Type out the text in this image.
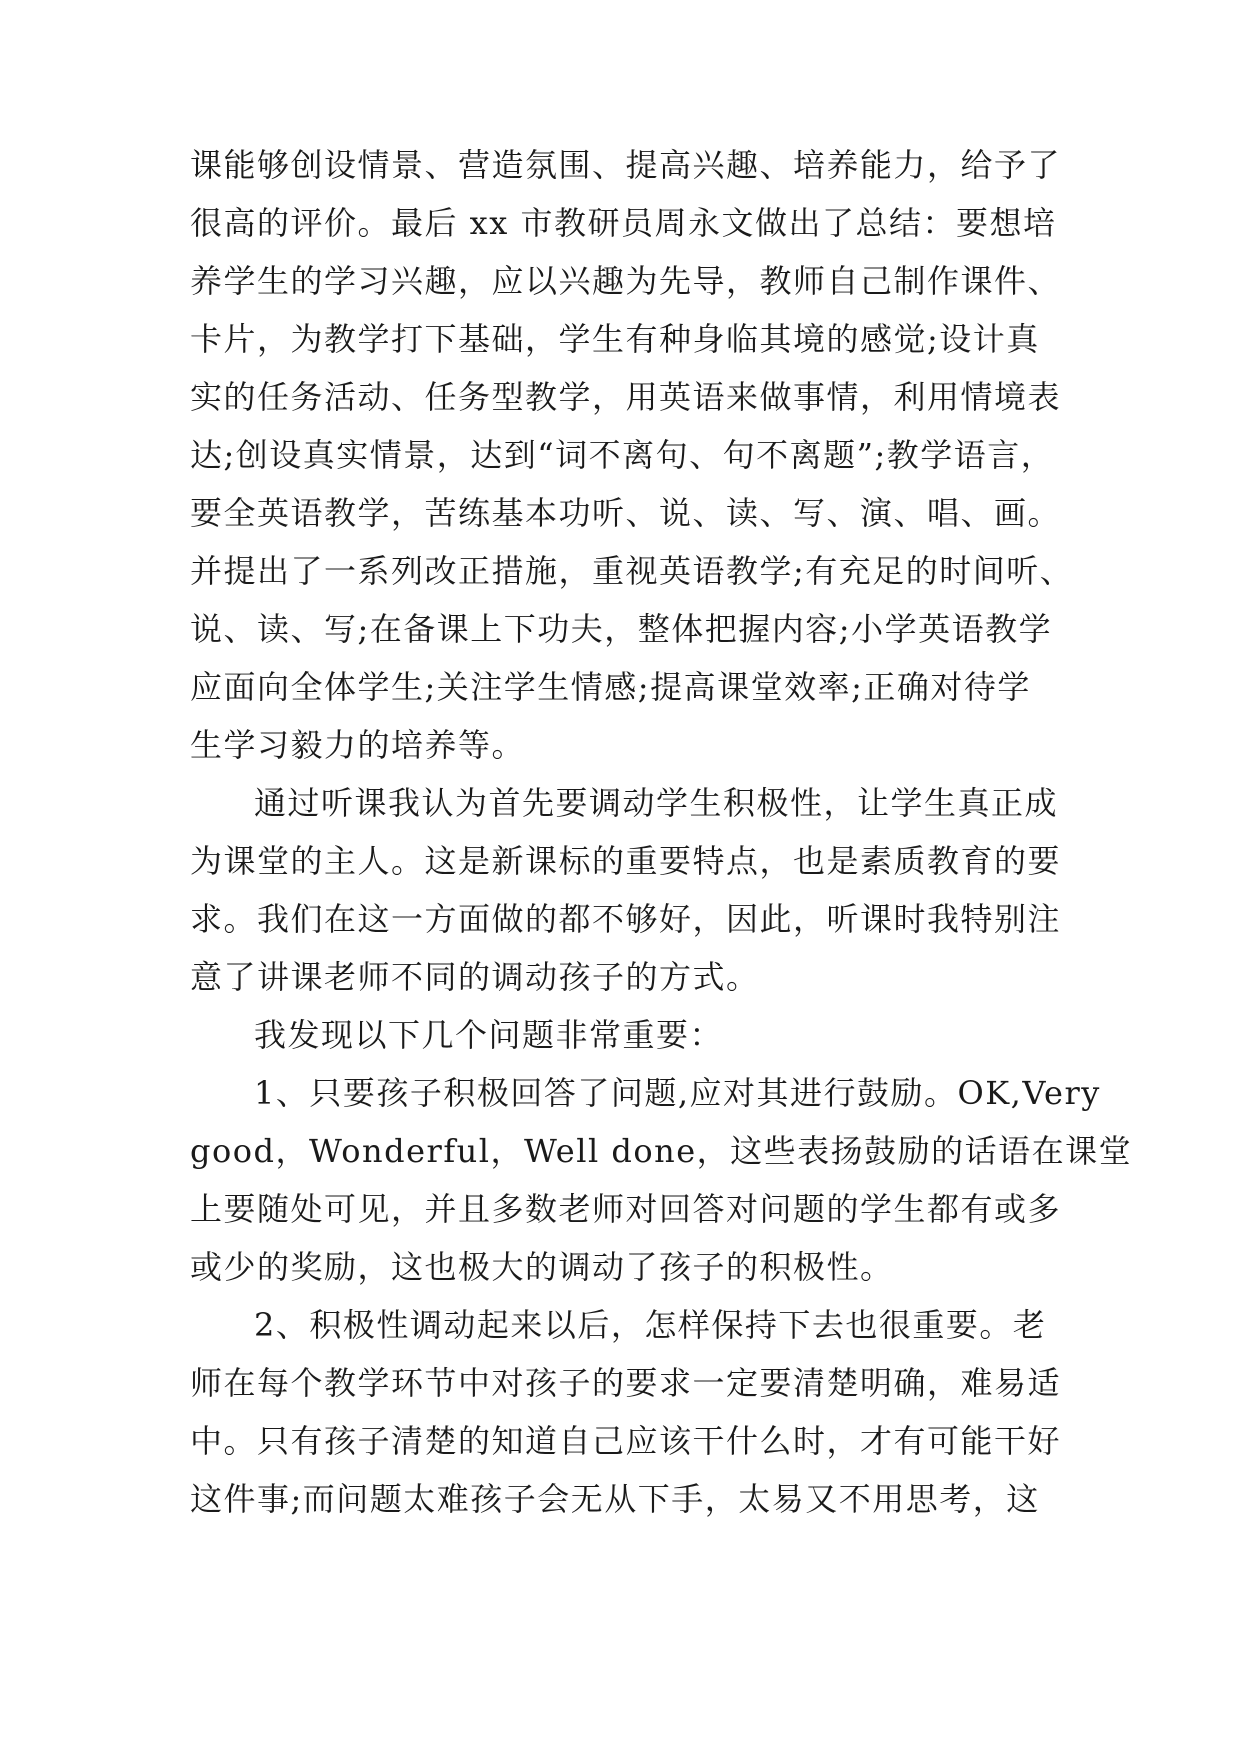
课能够创设情景、营造氛围、提高兴趣、培养能力，给予了
很高的评价。最后 xx 市教研员周永文做出了总结：要想培
养学生的学习兴趣，应以兴趣为先导，教师自己制作课件、
卡片，为教学打下基础，学生有种身临其境的感觉;设计真
实的任务活动、任务型教学，用英语来做事情，利用情境表
达;创设真实情景，达到“词不离句、句不离题”;教学语言，
要全英语教学，苦练基本功听、说、读、写、演、唱、画。
并提出了一系列改正措施，重视英语教学;有充足的时间听、
说、读、写;在备课上下功夫，整体把握内容;小学英语教学
应面向全体学生;关注学生情感;提高课堂效率;正确对待学
生学习毅力的培养等。
通过听课我认为首先要调动学生积极性，让学生真正成
为课堂的主人。这是新课标的重要特点，也是素质教育的要
求。我们在这一方面做的都不够好，因此，听课时我特别注
意了讲课老师不同的调动孩子的方式。
我发现以下几个问题非常重要：
1、只要孩子积极回答了问题,应对其进行鼓励。OK,Very
good，Wonderful，Well done，这些表扬鼓励的话语在课堂
上要随处可见，并且多数老师对回答对问题的学生都有或多
或少的奖励，这也极大的调动了孩子的积极性。
2、积极性调动起来以后，怎样保持下去也很重要。老
师在每个教学环节中对孩子的要求一定要清楚明确，难易适
中。只有孩子清楚的知道自己应该干什么时，才有可能干好
这件事;而问题太难孩子会无从下手，太易又不用思考，这
